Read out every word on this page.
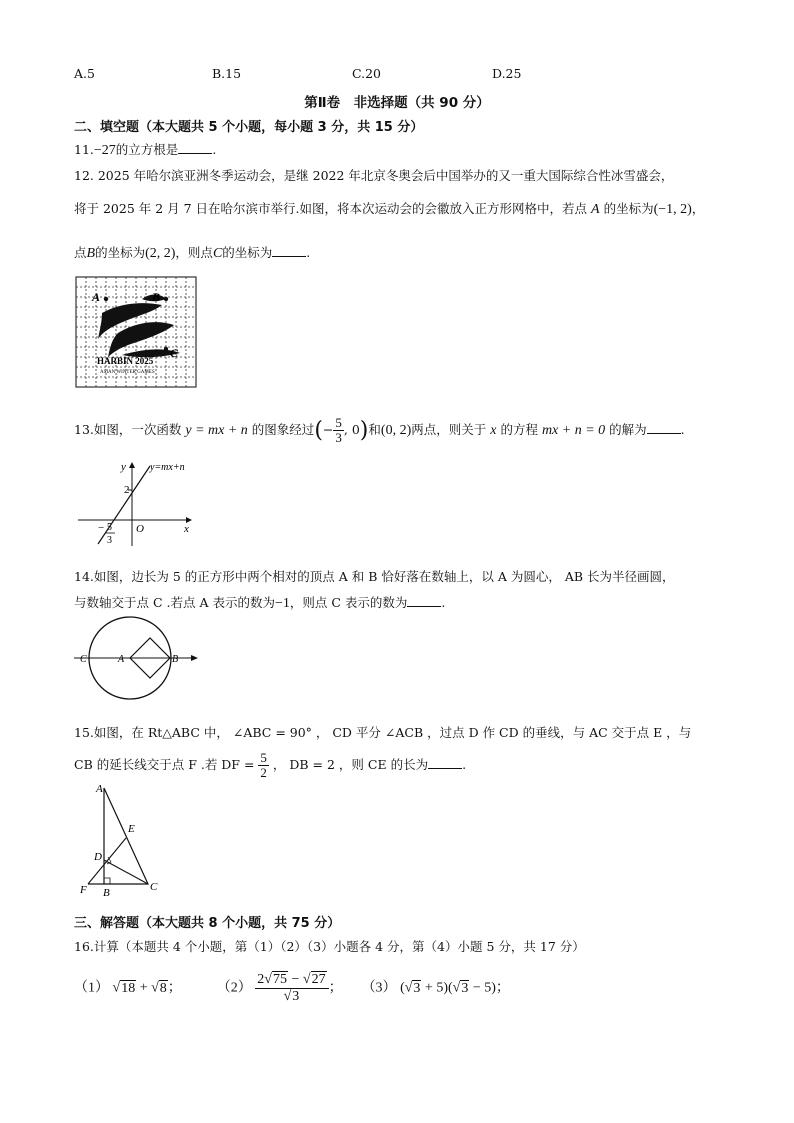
A.5	B.15	C.20	D.25
第Ⅱ卷　非选择题（共 90 分）
二、填空题（本大题共 5 个小题，每小题 3 分，共 15 分）
11.−27的立方根是	.
12. 2025 年哈尔滨亚洲冬季运动会，是继 2022 年北京冬奥会后中国举办的又一重大国际综合性冰雪盛会，
将于 2025 年 2 月 7 日在哈尔滨市举行.如图，将本次运动会的会徽放入正方形网格中，若点 A 的坐标为(−1, 2)，
点B的坐标为(2, 2)，则点C的坐标为	.
HARBIN 2025
ASIAN WINTER GAMES
A	B
C
13.如图，一次函数 y = mx + n 的图象经过(− $\frac{5}{3}$ , 0)和(0, 2)两点，则关于 x 的方程 mx + n = 0 的解为	.
y y=mx+n
2
O	x
− 5
3
14.如图，边长为 5 的正方形中两个相对的顶点 A 和 B 恰好落在数轴上，以 A 为圆心， AB 长为半径画圆，
与数轴交于点 C .若点 A 表示的数为−1，则点 C 表示的数为	.
C	A	B
15.如图，在 Rt△ABC 中， ∠ABC = 90° ， CD 平分 ∠ACB ，过点 D 作 CD 的垂线，与 AC 交于点 E ，与
CB 的延长线交于点 F .若 DF = $\frac{5}{2}$ ， DB = 2 ，则 CE 的长为	.
A
E
D
F B	C
三、解答题（本大题共 8 个小题，共 75 分）
16.计算（本题共 4 个小题，第（1）（2）（3）小题各 4 分，第（4）小题 5 分，共 17 分）
（1） √18 + √8；	$(2) \frac{2√75 - √27}{√3}$ ；  （3） (√3 + 5)(√3 − 5)；
